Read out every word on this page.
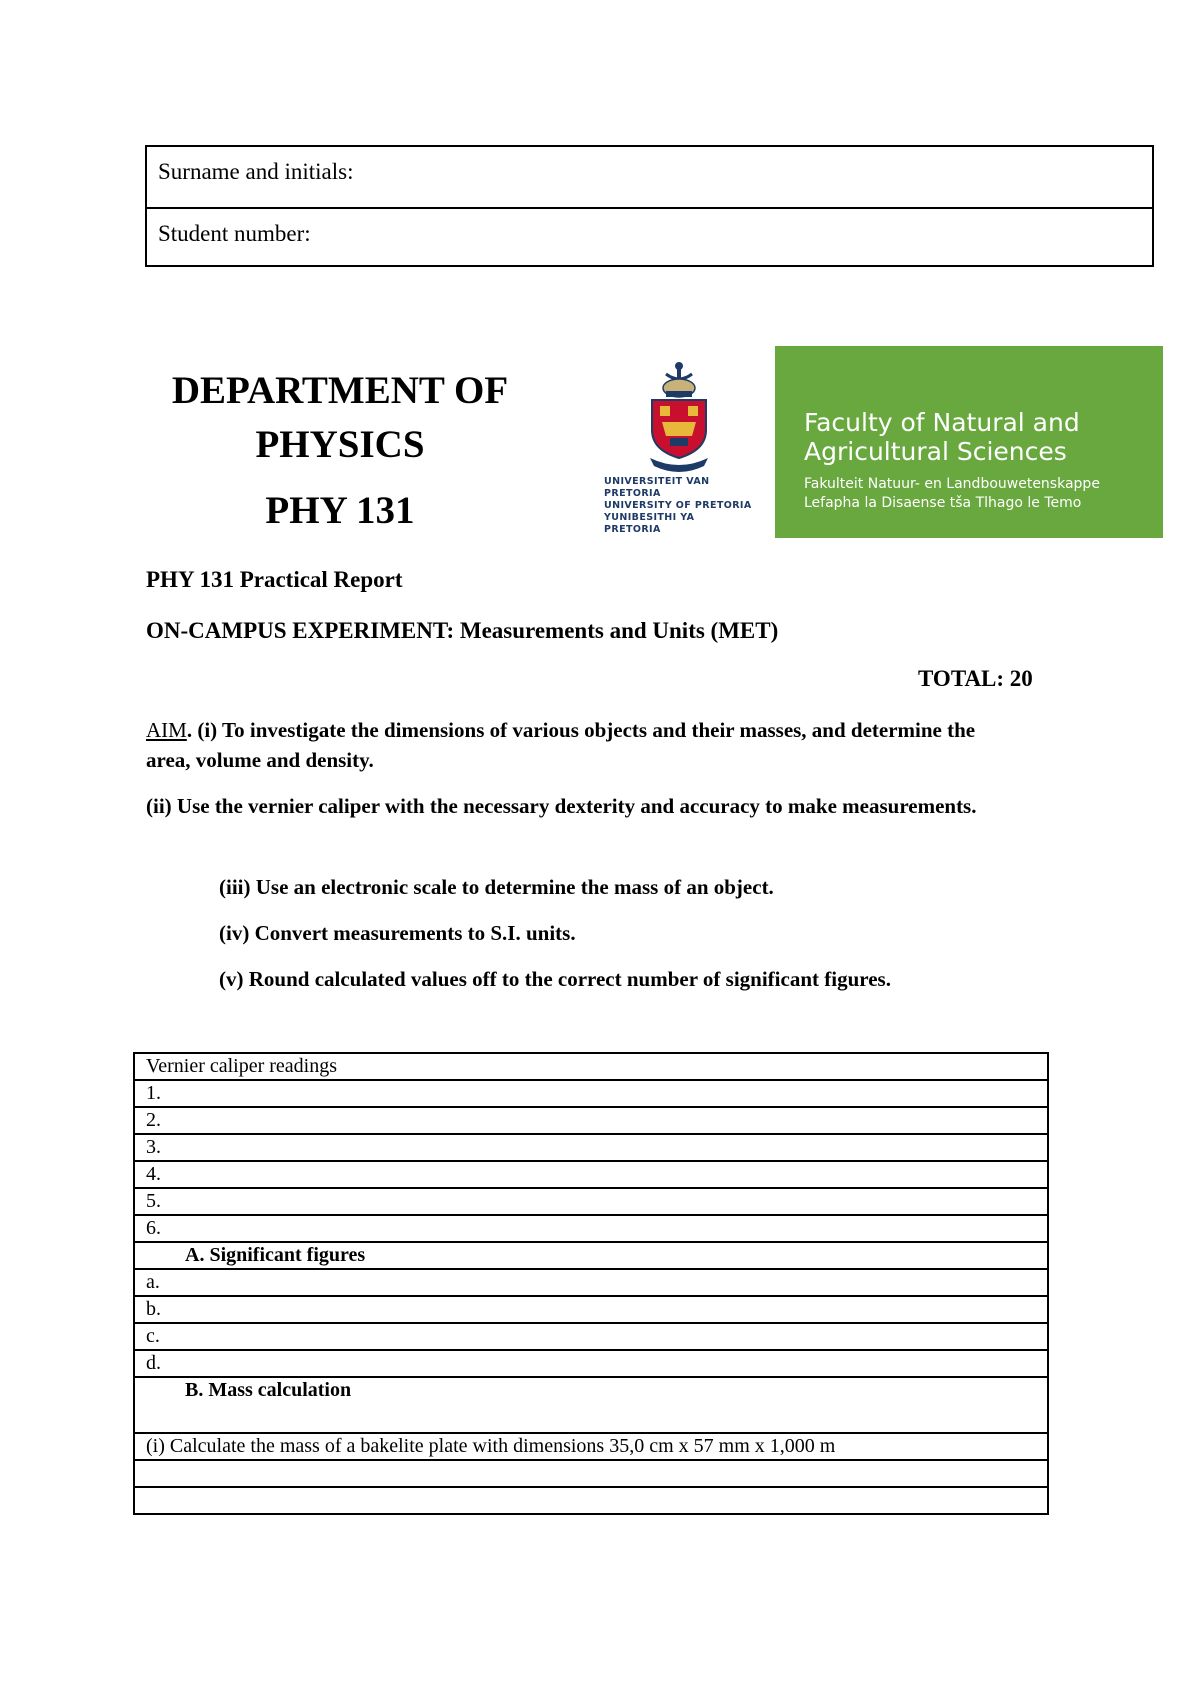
Surname and initials:
Student number:
DEPARTMENT OF
PHYSICS
PHY 131
UNIVERSITEIT VAN PRETORIA
UNIVERSITY OF PRETORIA
YUNIBESITHI YA PRETORIA
Faculty of Natural and
Agricultural Sciences
Fakulteit Natuur- en Landbouwetenskappe
Lefapha la Disaense tša Tlhago le Temo
PHY 131 Practical Report
ON-CAMPUS EXPERIMENT: Measurements and Units (MET)
TOTAL: 20

AIM. (i) To investigate the dimensions of various objects and their masses, and determine the area, volume and density.

(ii) Use the vernier caliper with the necessary dexterity and accuracy to make measurements.

(iii) Use an electronic scale to determine the mass of an object.
(iv) Convert measurements to S.I. units.
(v) Round calculated values off to the correct number of significant figures.
Vernier caliper readings
1.
2.
3.
4.
5.
6.
A. Significant figures
a.
b.
c.
d.
B. Mass calculation
(i) Calculate the mass of a bakelite plate with dimensions 35,0 cm x 57 mm x 1,000 m
